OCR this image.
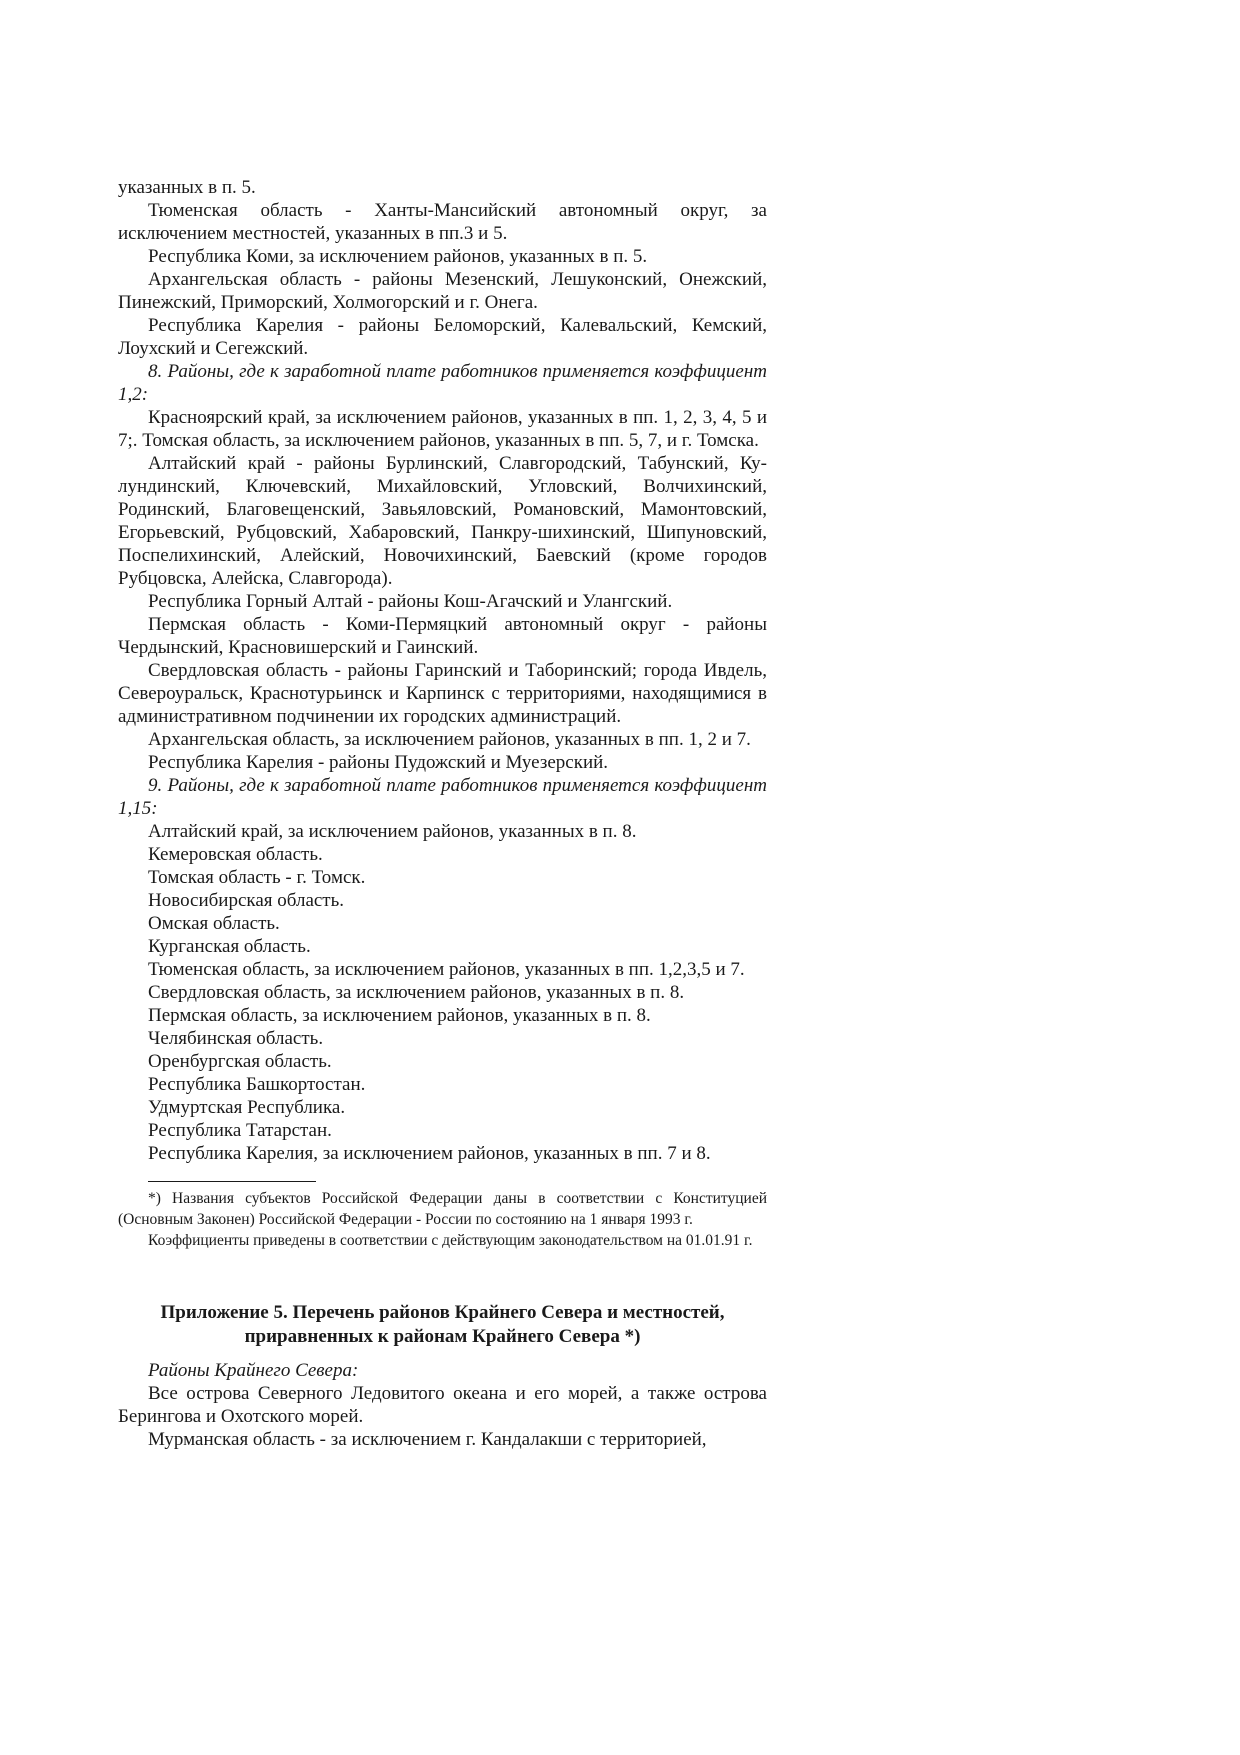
указанных в п. 5.

Тюменская область - Ханты-Мансийский автономный округ, за исключением местностей, указанных в пп.3 и 5.

Республика Коми, за исключением районов, указанных в п. 5.

Архангельская область - районы Мезенский, Лешуконский, Онежский, Пинежский, Приморский, Холмогорский и г. Онега.

Республика Карелия - районы Беломорский, Калевальский, Кемский, Лоухский и Сегежский.

8. Районы, где к заработной плате работников применяется коэффициент 1,2:

Красноярский край, за исключением районов, указанных в пп. 1, 2, 3, 4, 5 и 7;. Томская область, за исключением районов, указанных в пп. 5, 7, и г. Томска.

Алтайский край - районы Бурлинский, Славгородский, Табунский, Ку-лундинский, Ключевский, Михайловский, Угловский, Волчихинский, Родинский, Благовещенский, Завьяловский, Романовский, Мамонтовский, Егорьевский, Рубцовский, Хабаровский, Панкру-шихинский, Шипуновский, Поспелихинский, Алейский, Новочихинский, Баевский (кроме городов Рубцовска, Алейска, Славгорода).

Республика Горный Алтай - районы Кош-Агачский и Улангский.

Пермская область - Коми-Пермяцкий автономный округ - районы Чердынский, Красновишерский и Гаинский.

Свердловская область - районы Гаринский и Таборинский; города Ивдель, Североуральск, Краснотурьинск и Карпинск с территориями, находящимися в административном подчинении их городских администраций.

Архангельская область, за исключением районов, указанных в пп. 1, 2 и 7.

Республика Карелия - районы Пудожский и Муезерский.

9. Районы, где к заработной плате работников применяется коэффициент 1,15:

Алтайский край, за исключением районов, указанных в п. 8.

Кемеровская область.

Томская область - г. Томск.

Новосибирская область.

Омская область.

Курганская область.

Тюменская область, за исключением районов, указанных в пп. 1,2,3,5 и 7.

Свердловская область, за исключением районов, указанных в п. 8.

Пермская область, за исключением районов, указанных в п. 8.

Челябинская область.

Оренбургская область.

Республика Башкортостан.

Удмуртская Республика.

Республика Татарстан.

Республика Карелия, за исключением районов, указанных в пп. 7 и 8.

*) Названия субъектов Российской Федерации даны в соответствии с Конституцией (Основным Законен) Российской Федерации - России по состоянию на 1 января 1993 г.

Коэффициенты приведены в соответствии с действующим законодательством на 01.01.91 г.

Приложение 5. Перечень районов Крайнего Севера и местностей,
приравненных к районам Крайнего Севера *)

Районы Крайнего Севера:

Все острова Северного Ледовитого океана и его морей, а также острова Берингова и Охотского морей.

Мурманская область - за исключением г. Кандалакши с территорией,
